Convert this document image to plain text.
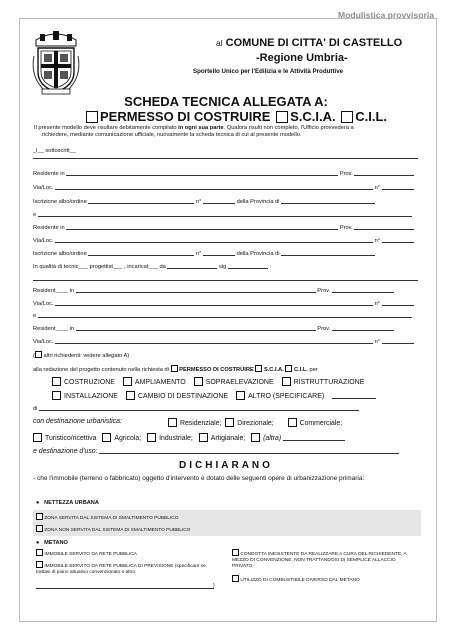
Modulistica provvisoria
al COMUNE DI CITTA' DI CASTELLO
-Regione Umbria-
Sportello Unico per l'Edilizia e le Attività Produttive
SCHEDA TECNICA ALLEGATA A:
PERMESSO DI COSTRUIRE S.C.I.A. C.I.L.
Il presente modello deve risultare debitamente compilato in ogni sua parte. Qualora risulti non completo, l'Ufficio provvederà a
richiedere, mediante comunicazione ufficiale, nuovamente la scheda tecnica di cui al presente modello.
_l__ sottoscritt__
Residente in	Prov.
Via/Loc.	n°
Iscrizione albo/ordine	n°	della Provincia di
e
Residente in	Prov.
Via/Loc.	n°
Iscrizione albo/ordine	n°	della Provincia di
In qualità di tecnic___ progettist___ , incaricat___ da	sig	:
Resident____ in	Prov.
Via/Loc.	n°
e
Resident____ in	Prov.
Via/Loc.	n°
altri richiedenti: vedere allegato A)
alla redazione del progetto contenuto nella richiesta di PERMESSO DI COSTRUIRE S.C.I.A. C.I.L. per
COSTRUZIONE	AMPLIAMENTO	SOPRAELEVAZIONE	RISTRUTTURAZIONE
INSTALLAZIONE	CAMBIO DI DESTINAZIONE	ALTRO (SPECIFICARE)
di
con destinazione urbanistica:	Residenziale; Direzionale;	Commerciale;
Turistico/ricettiva	Agricola;	Industriale;	Artigianale;	(altra)
e destinazione d'uso:
DICHIARANO
- che l'immobile (terreno o fabbricato) oggetto d'intervento è dotato delle seguenti opere di urbanizzazione primaria:
● NETTEZZA URBANA
ZONA SERVITA DAL SISTEMA DI SMALTIMENTO PUBBLICO
ZONA NON SERVITA DAL SISTEMA DI SMALTIMENTO PUBBLICO
● METANO
IMMOBILE SERVITO DA RETE PUBBLICA
IMMOBILE SERVITO DA RETE PUBBLICA DI PREVISIONE (specificare se trattasi di piano attuativo convenzionato o altro
)
CONDOTTA INESISTENTE DA REALIZZARE A CURA DEL RICHIEDENTE, A MEZZO DI CONVENZIONE, NON TRATTANDOSI DI SEMPLICE ALLACCIO PRIVATO.
UTILIZZO DI COMBUSTIBILE DIVERSO DAL METANO
